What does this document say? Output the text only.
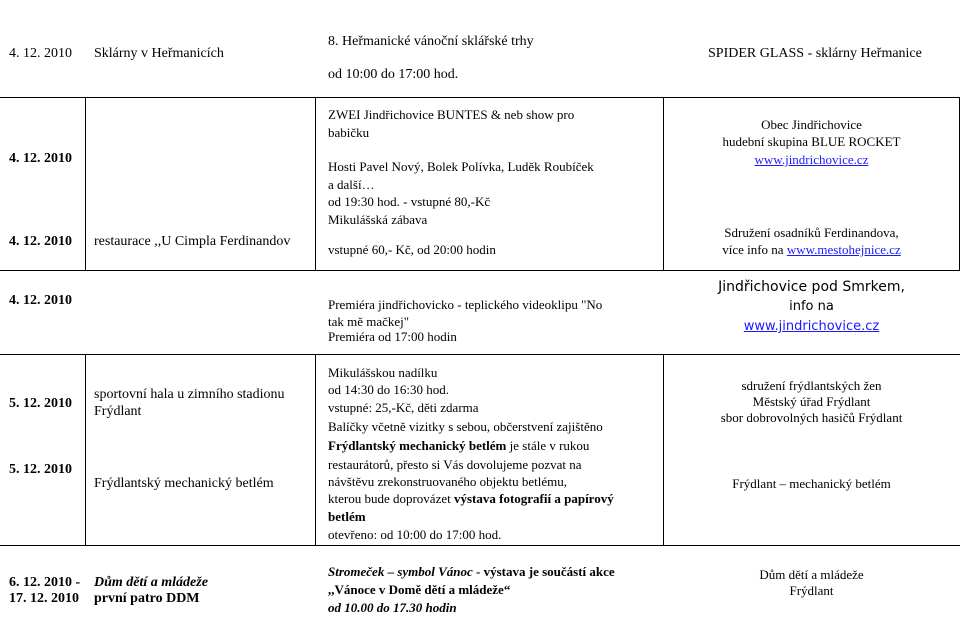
4. 12. 2010 Sklárny v Heřmanicích
8. Heřmanické vánoční sklářské trhy
od 10:00 do 17:00 hod.
SPIDER GLASS - sklárny Heřmanice
4. 12. 2010
4. 12. 2010 restaurace ,,U Cimpla Ferdinandov
ZWEI Jindřichovice BUNTES & neb show pro
babičku
Hosti Pavel Nový, Bolek Polívka, Luděk Roubíček
a další…
od 19:30 hod. - vstupné 80,-Kč
Mikulášská zábava
vstupné 60,- Kč, od 20:00 hodin
Obec Jindřichovice
hudební skupina BLUE ROCKET
www.jindrichovice.cz
Sdružení osadníků Ferdinandova,
více info na www.mestohejnice.cz
4. 12. 2010	Premiéra jindřichovicko - teplického videoklipu "No
tak mě mačkej"
Premiéra od 17:00 hodin
Jindřichovice pod Smrkem,
info na
www.jindrichovice.cz
5. 12. 2010
5. 12. 2010
sportovní hala u zimního stadionu
Frýdlant
Frýdlantský mechanický betlém
Mikulášskou nadílku
od 14:30 do 16:30 hod.
vstupné: 25,-Kč, děti zdarma
Balíčky včetně vizitky s sebou, občerstvení zajištěno
Frýdlantský mechanický betlém je stále v rukou
restaurátorů, přesto si Vás dovolujeme pozvat na
návštěvu zrekonstruovaného objektu betlému,
kterou bude doprovázet výstava fotografií a papírový
betlém
otevřeno: od 10:00 do 17:00 hod.
sdružení frýdlantských žen
Městský úřad Frýdlant
sbor dobrovolných hasičů Frýdlant
Frýdlant – mechanický betlém
6. 12. 2010 -
17. 12. 2010
Dům dětí a mládeže
první patro DDM
Stromeček – symbol Vánoc - výstava je součástí akce
,,Vánoce v Domě dětí a mládeže“
od 10.00 do 17.30 hodin
Dům dětí a mládeže
Frýdlant
